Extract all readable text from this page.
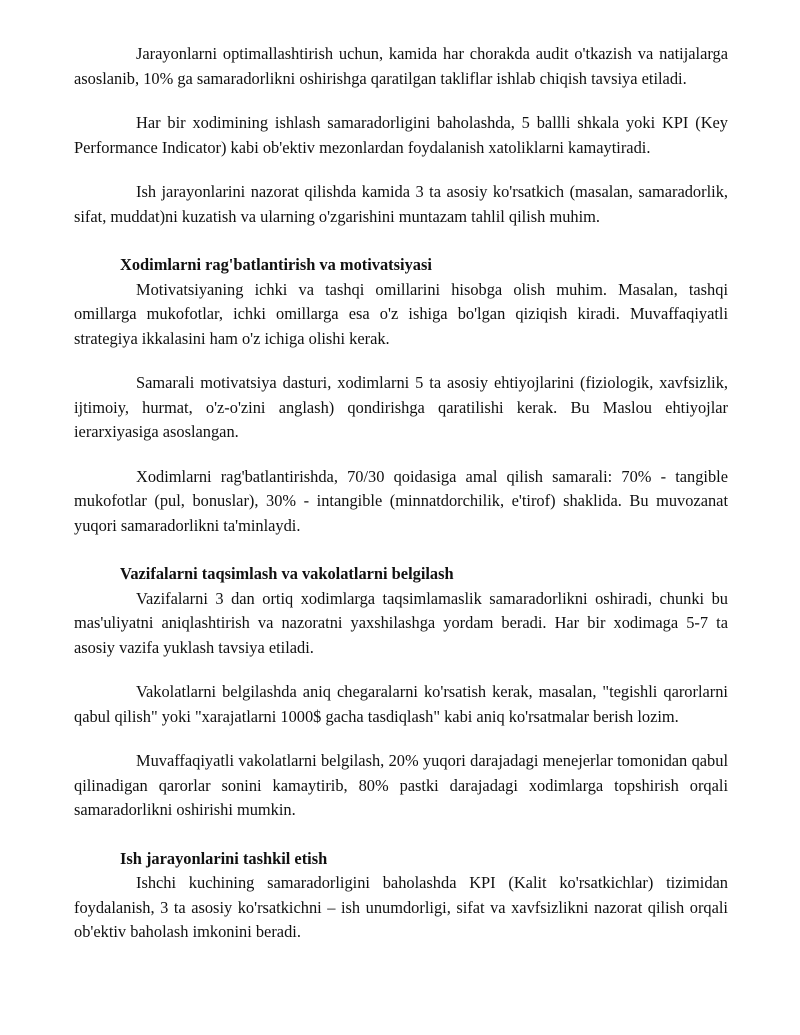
Jarayonlarni optimallashtirish uchun, kamida har chorakda audit o'tkazish va natijalarga asoslanib, 10% ga samaradorlikni oshirishga qaratilgan takliflar ishlab chiqish tavsiya etiladi.

Har bir xodimining ishlash samaradorligini baholashda, 5 ballli shkala yoki KPI (Key Performance Indicator) kabi ob'ektiv mezonlardan foydalanish xatoliklarni kamaytiradi.

Ish jarayonlarini nazorat qilishda kamida 3 ta asosiy ko'rsatkich (masalan, samaradorlik, sifat, muddat)ni kuzatish va ularning o'zgarishini muntazam tahlil qilish muhim.

Xodimlarni rag'batlantirish va motivatsiyasi

Motivatsiyaning ichki va tashqi omillarini hisobga olish muhim. Masalan, tashqi omillarga mukofotlar, ichki omillarga esa o'z ishiga bo'lgan qiziqish kiradi. Muvaffaqiyatli strategiya ikkalasini ham o'z ichiga olishi kerak.

Samarali motivatsiya dasturi, xodimlarni 5 ta asosiy ehtiyojlarini (fiziologik, xavfsizlik, ijtimoiy, hurmat, o'z-o'zini anglash) qondirishga qaratilishi kerak. Bu Maslou ehtiyojlar ierarxiyasiga asoslangan.

Xodimlarni rag'batlantirishda, 70/30 qoidasiga amal qilish samarali: 70% - tangible mukofotlar (pul, bonuslar), 30% - intangible (minnatdorchilik, e'tirof) shaklida. Bu muvozanat yuqori samaradorlikni ta'minlaydi.

Vazifalarni taqsimlash va vakolatlarni belgilash

Vazifalarni 3 dan ortiq xodimlarga taqsimlamaslik samaradorlikni oshiradi, chunki bu mas'uliyatni aniqlashtirish va nazoratni yaxshilashga yordam beradi. Har bir xodimaga 5-7 ta asosiy vazifa yuklash tavsiya etiladi.

Vakolatlarni belgilashda aniq chegaralarni ko'rsatish kerak, masalan, "tegishli qarorlarni qabul qilish" yoki "xarajatlarni 1000$ gacha tasdiqlash" kabi aniq ko'rsatmalar berish lozim.

Muvaffaqiyatli vakolatlarni belgilash, 20% yuqori darajadagi menejerlar tomonidan qabul qilinadigan qarorlar sonini kamaytirib, 80% pastki darajadagi xodimlarga topshirish orqali samaradorlikni oshirishi mumkin.

Ish jarayonlarini tashkil etish

Ishchi kuchining samaradorligini baholashda KPI (Kalit ko'rsatkichlar) tizimidan foydalanish, 3 ta asosiy ko'rsatkichni – ish unumdorligi, sifat va xavfsizlikni nazorat qilish orqali ob'ektiv baholash imkonini beradi.
